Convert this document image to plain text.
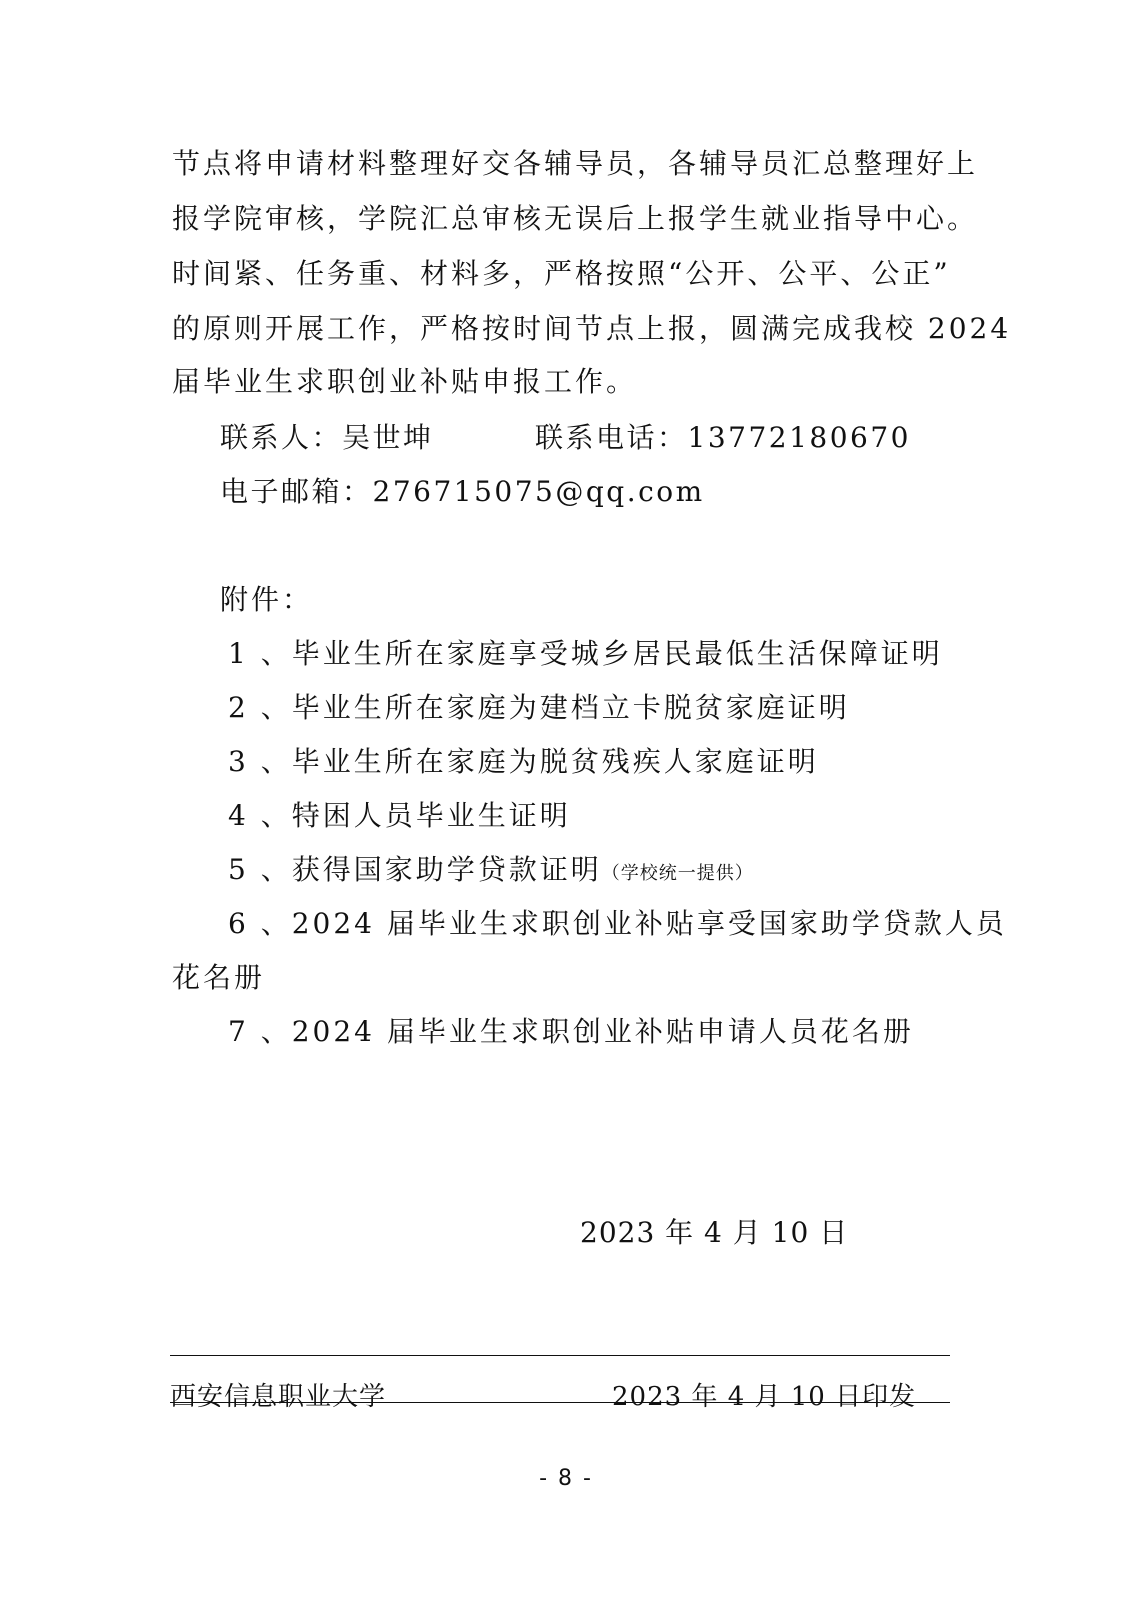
节点将申请材料整理好交各辅导员，各辅导员汇总整理好上
报学院审核，学院汇总审核无误后上报学生就业指导中心。
时间紧、任务重、材料多，严格按照“公开、公平、公正”
的原则开展工作，严格按时间节点上报，圆满完成我校 2024
届毕业生求职创业补贴申报工作。
联系人：吴世坤	联系电话：13772180670
电子邮箱：276715075@qq.com
附件：
1 、毕业生所在家庭享受城乡居民最低生活保障证明
2 、毕业生所在家庭为建档立卡脱贫家庭证明
3 、毕业生所在家庭为脱贫残疾人家庭证明
4 、特困人员毕业生证明
5 、获得国家助学贷款证明（学校统一提供）
6 、2024 届毕业生求职创业补贴享受国家助学贷款人员
花名册
7 、2024 届毕业生求职创业补贴申请人员花名册
2023 年 4 月 10 日
西安信息职业大学	2023 年 4 月 10 日印发
- 8 -
